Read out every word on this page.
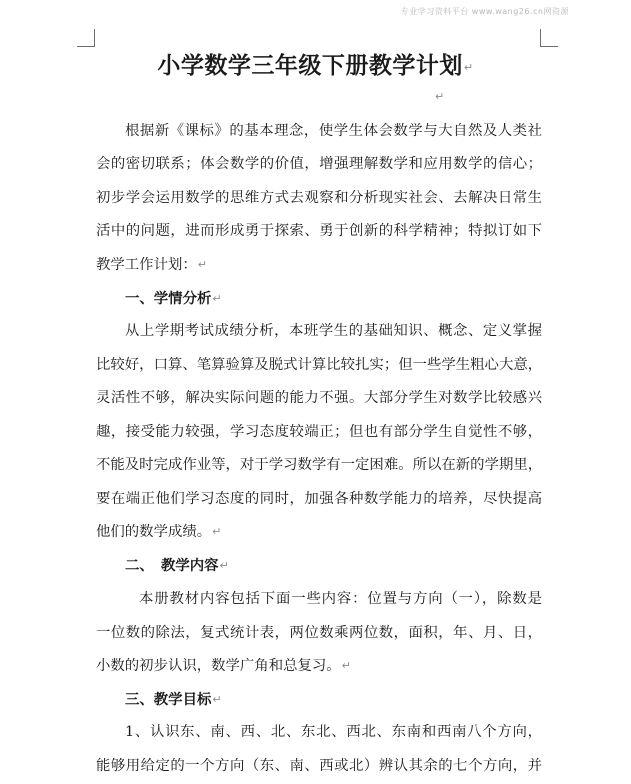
专业学习资料平台 www.wang26.cn网资源
小学数学三年级下册教学计划↵
↵
根据新《课标》的基本理念，使学生体会数学与大自然及人类社
会的密切联系；体会数学的价值，增强理解数学和应用数学的信心；
初步学会运用数学的思维方式去观察和分析现实社会、去解决日常生
活中的问题，进而形成勇于探索、勇于创新的科学精神；特拟订如下
教学工作计划：↵
一、学情分析↵
从上学期考试成绩分析，本班学生的基础知识、概念、定义掌握
比较好，口算、笔算验算及脱式计算比较扎实；但一些学生粗心大意，
灵活性不够，解决实际问题的能力不强。大部分学生对数学比较感兴
趣，接受能力较强，学习态度较端正；但也有部分学生自觉性不够，
不能及时完成作业等，对于学习数学有一定困难。所以在新的学期里，
要在端正他们学习态度的同时，加强各种数学能力的培养，尽快提高
他们的数学成绩。↵
二、　教学内容↵
本册教材内容包括下面一些内容：位置与方向（一），除数是
一位数的除法，复式统计表，两位数乘两位数，面积，年、月、日，
小数的初步认识，数学广角和总复习。↵
三、教学目标↵
1、认识东、南、西、北、东北、西北、东南和西南八个方向，
能够用给定的一个方向（东、南、西或北）辨认其余的七个方向，并
